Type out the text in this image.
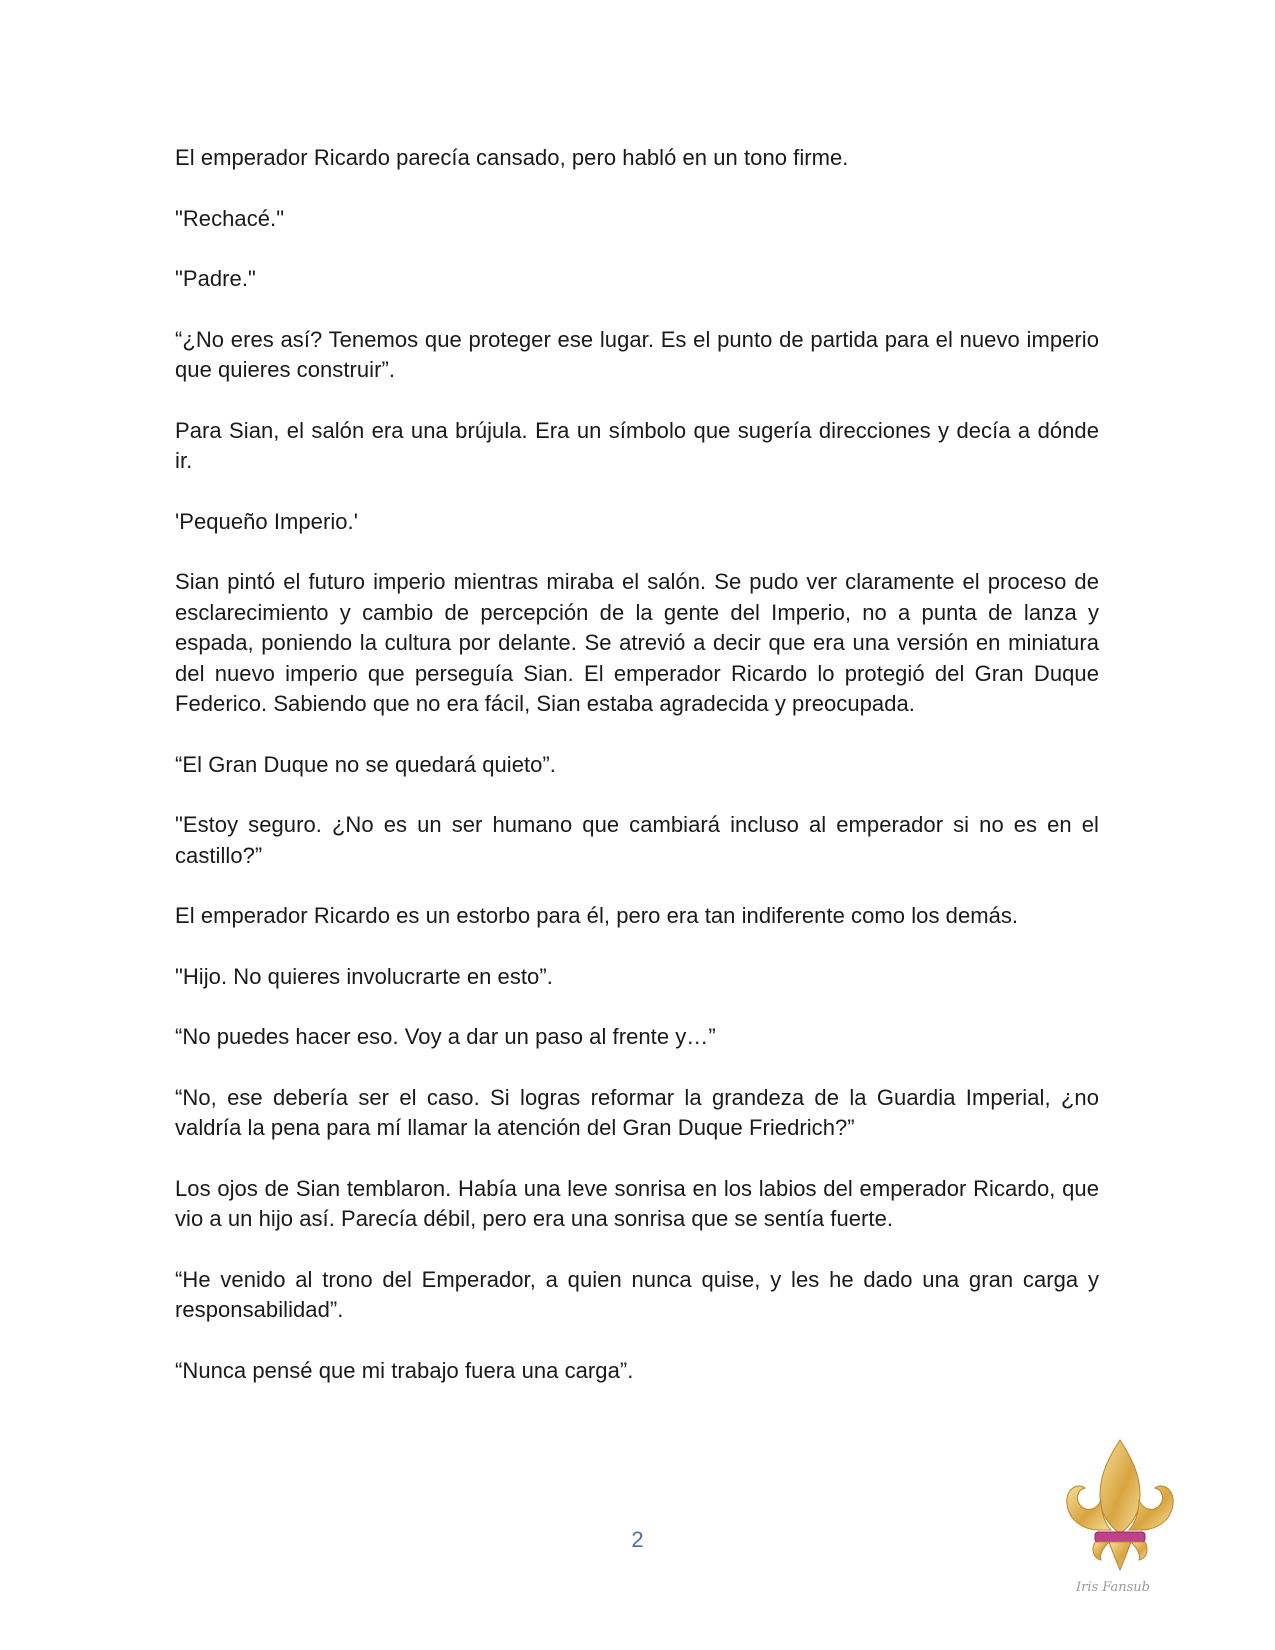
El emperador Ricardo parecía cansado, pero habló en un tono firme.

"Rechacé."

"Padre."

“¿No eres así? Tenemos que proteger ese lugar. Es el punto de partida para el nuevo imperio que quieres construir”.

Para Sian, el salón era una brújula. Era un símbolo que sugería direcciones y decía a dónde ir.

'Pequeño Imperio.'

Sian pintó el futuro imperio mientras miraba el salón. Se pudo ver claramente el proceso de esclarecimiento y cambio de percepción de la gente del Imperio, no a punta de lanza y espada, poniendo la cultura por delante. Se atrevió a decir que era una versión en miniatura del nuevo imperio que perseguía Sian. El emperador Ricardo lo protegió del Gran Duque Federico. Sabiendo que no era fácil, Sian estaba agradecida y preocupada.

“El Gran Duque no se quedará quieto”.

"Estoy seguro. ¿No es un ser humano que cambiará incluso al emperador si no es en el castillo?”

El emperador Ricardo es un estorbo para él, pero era tan indiferente como los demás.

"Hijo. No quieres involucrarte en esto”.

“No puedes hacer eso. Voy a dar un paso al frente y…”

“No, ese debería ser el caso. Si logras reformar la grandeza de la Guardia Imperial, ¿no valdría la pena para mí llamar la atención del Gran Duque Friedrich?”

Los ojos de Sian temblaron. Había una leve sonrisa en los labios del emperador Ricardo, que vio a un hijo así. Parecía débil, pero era una sonrisa que se sentía fuerte.

“He venido al trono del Emperador, a quien nunca quise, y les he dado una gran carga y responsabilidad”.

“Nunca pensé que mi trabajo fuera una carga”.

2
Iris Fansub
